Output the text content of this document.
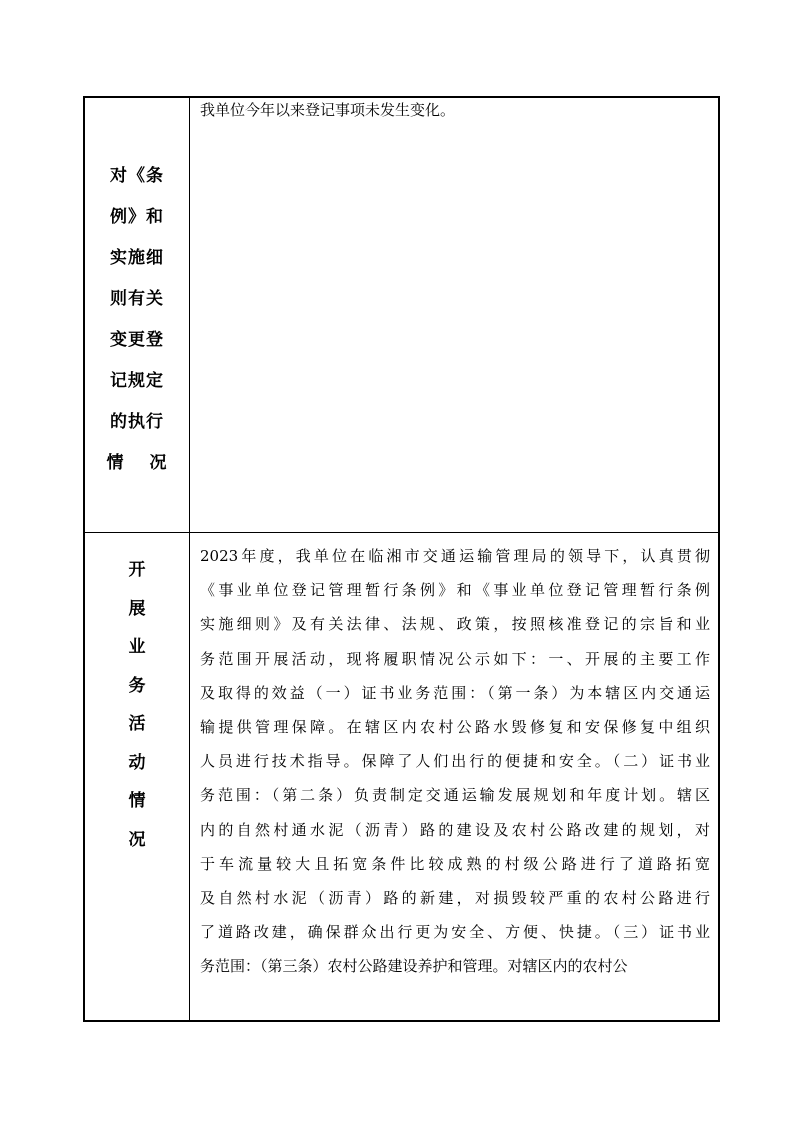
对《条
例》和
实施细
则有关
变更登
记规定
的执行
情　 况
我单位今年以来登记事项未发生变化。
开
展
业
务
活
动
情
况
2023年度，我单位在临湘市交通运输管理局的领导下，认真贯彻
《事业单位登记管理暂行条例》和《事业单位登记管理暂行条例
实施细则》及有关法律、法规、政策，按照核准登记的宗旨和业
务范围开展活动，现将履职情况公示如下：一、开展的主要工作
及取得的效益（一）证书业务范围：（第一条）为本辖区内交通运
输提供管理保障。在辖区内农村公路水毁修复和安保修复中组织
人员进行技术指导。保障了人们出行的便捷和安全。（二）证书业
务范围：（第二条）负责制定交通运输发展规划和年度计划。辖区
内的自然村通水泥（沥青）路的建设及农村公路改建的规划，对
于车流量较大且拓宽条件比较成熟的村级公路进行了道路拓宽
及自然村水泥（沥青）路的新建，对损毁较严重的农村公路进行
了道路改建，确保群众出行更为安全、方便、快捷。（三）证书业
务范围：（第三条）农村公路建设养护和管理。对辖区内的农村公
